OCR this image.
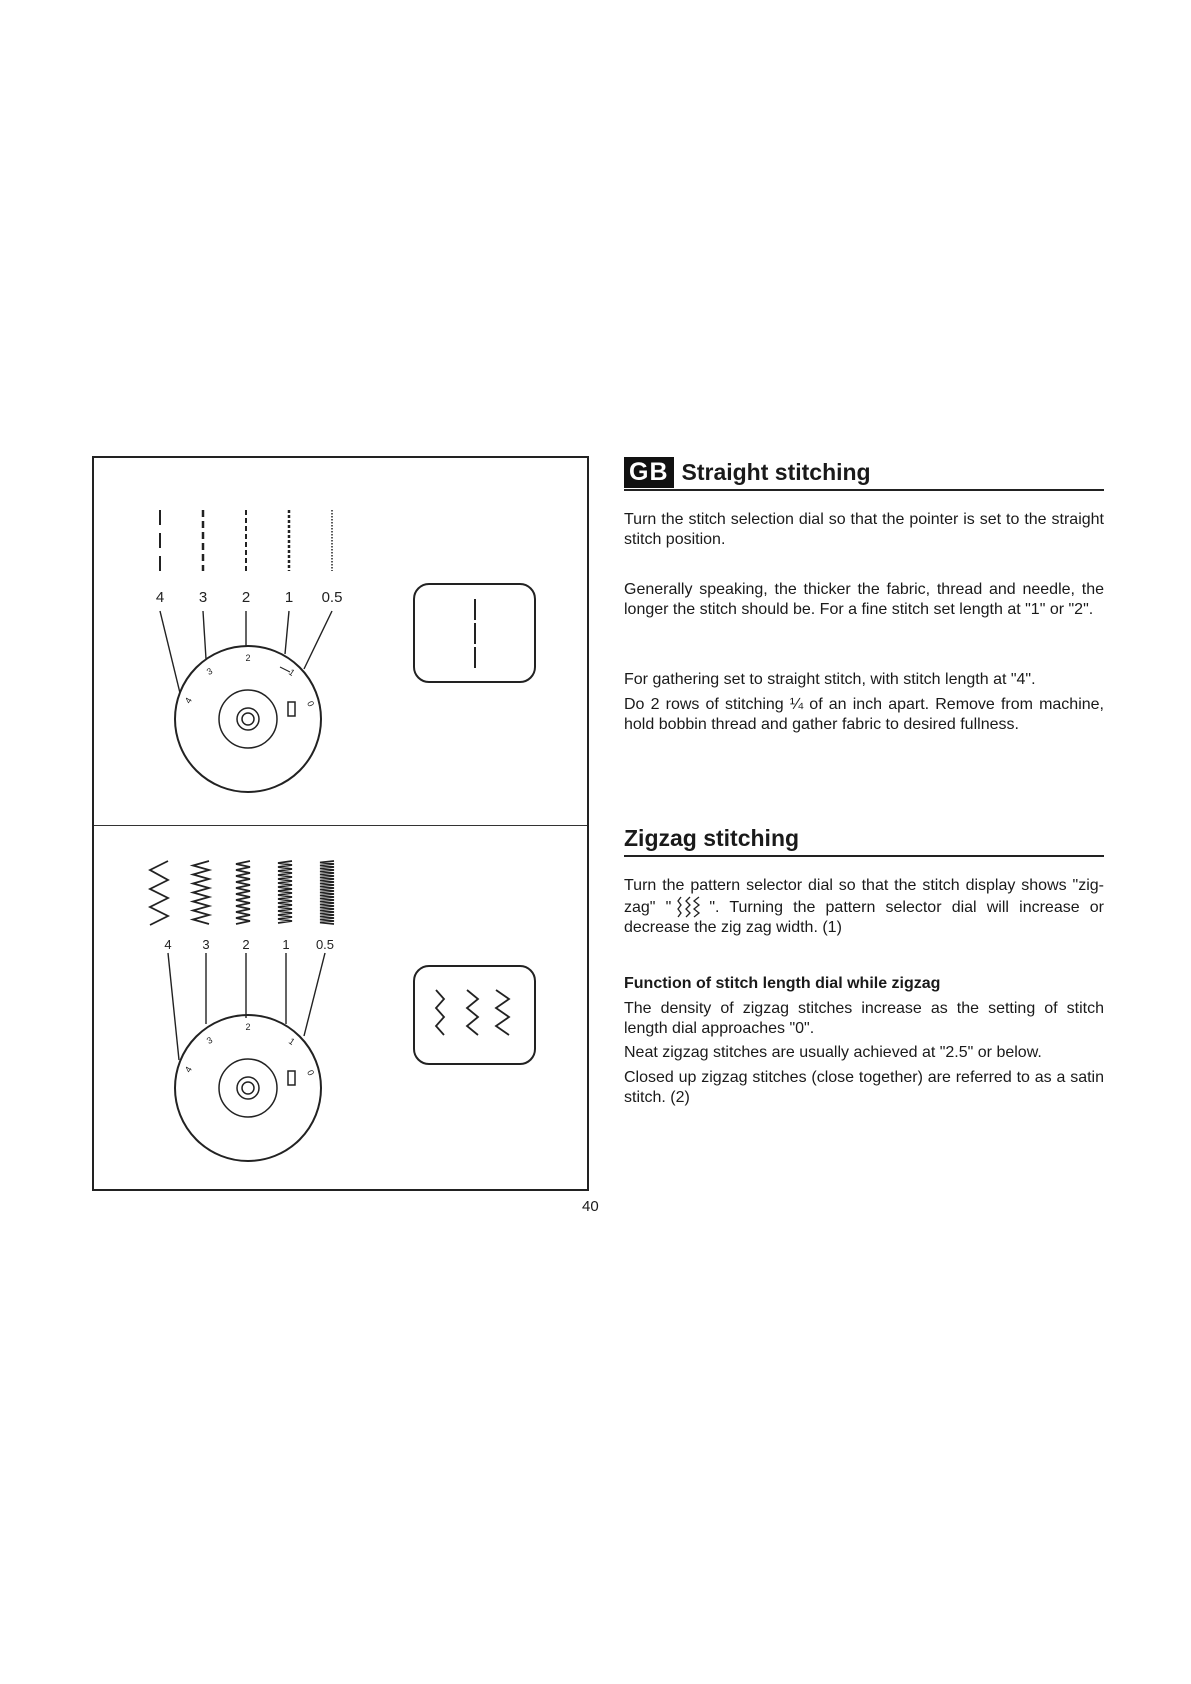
4 3 2 1 0.5
4
3
2
1
0
4 3	2	1 0.5
4
3
2
1
0
GB Straight stitching

Turn the stitch selection dial so that the pointer is set to the straight stitch position.

Generally speaking, the thicker the fabric, thread and needle, the longer the stitch should be. For a fine stitch set length at "1" or "2".

For gathering set to straight stitch, with stitch length at "4".

Do 2 rows of stitching ¼ of an inch apart. Remove from machine, hold bobbin thread and gather fabric to desired fullness.

Zigzag stitching

Turn the pattern selector dial so that the stitch display shows "zig-zag" " ". Turning the pattern selector dial will increase or decrease the zig zag width. (1)

Function of stitch length dial while zigzag

The density of zigzag stitches increase as the setting of stitch length dial approaches "0".

Neat zigzag stitches are usually achieved at "2.5" or below.

Closed up zigzag stitches (close together) are referred to as a satin stitch. (2)

40
